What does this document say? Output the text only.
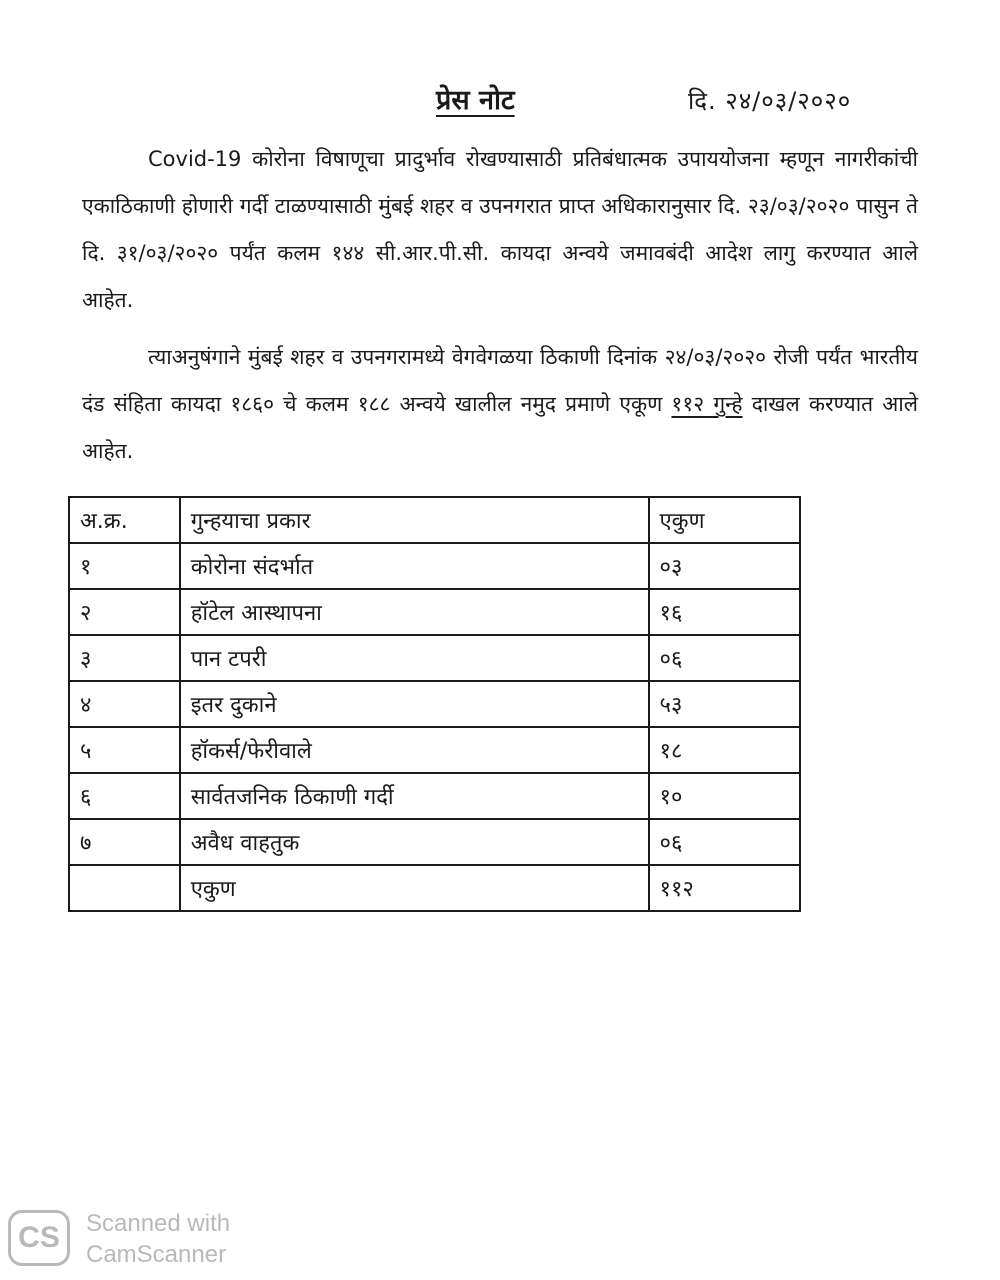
प्रेस नोट	दि. २४/०३/२०२०

Covid-19 कोरोना विषाणूचा प्रादुर्भाव रोखण्यासाठी प्रतिबंधात्मक उपाययोजना म्हणून नागरीकांची एकाठिकाणी होणारी गर्दी टाळण्यासाठी मुंबई शहर व उपनगरात प्राप्त अधिकारानुसार दि. २३/०३/२०२० पासुन ते दि. ३१/०३/२०२० पर्यंत कलम १४४ सी.आर.पी.सी. कायदा अन्वये जमावबंदी आदेश लागु करण्यात आले आहेत.

त्याअनुषंगाने मुंबई शहर व उपनगरामध्ये वेगवेगळया ठिकाणी दिनांक २४/०३/२०२० रोजी पर्यंत भारतीय दंड संहिता कायदा १८६० चे कलम १८८ अन्वये खालील नमुद प्रमाणे एकूण ११२ गुन्हे दाखल करण्यात आले आहेत.

अ.क्र.	गुन्हयाचा प्रकार	एकुण
१	कोरोना संदर्भात	०३
२	हॉटेल आस्थापना	१६
३	पान टपरी	०६
४	इतर दुकाने	५३
५	हॉकर्स/फेरीवाले	१८
६	सार्वतजनिक ठिकाणी गर्दी	१०
७	अवैध वाहतुक	०६
	एकुण	११२
CS	Scanned with
CamScanner
